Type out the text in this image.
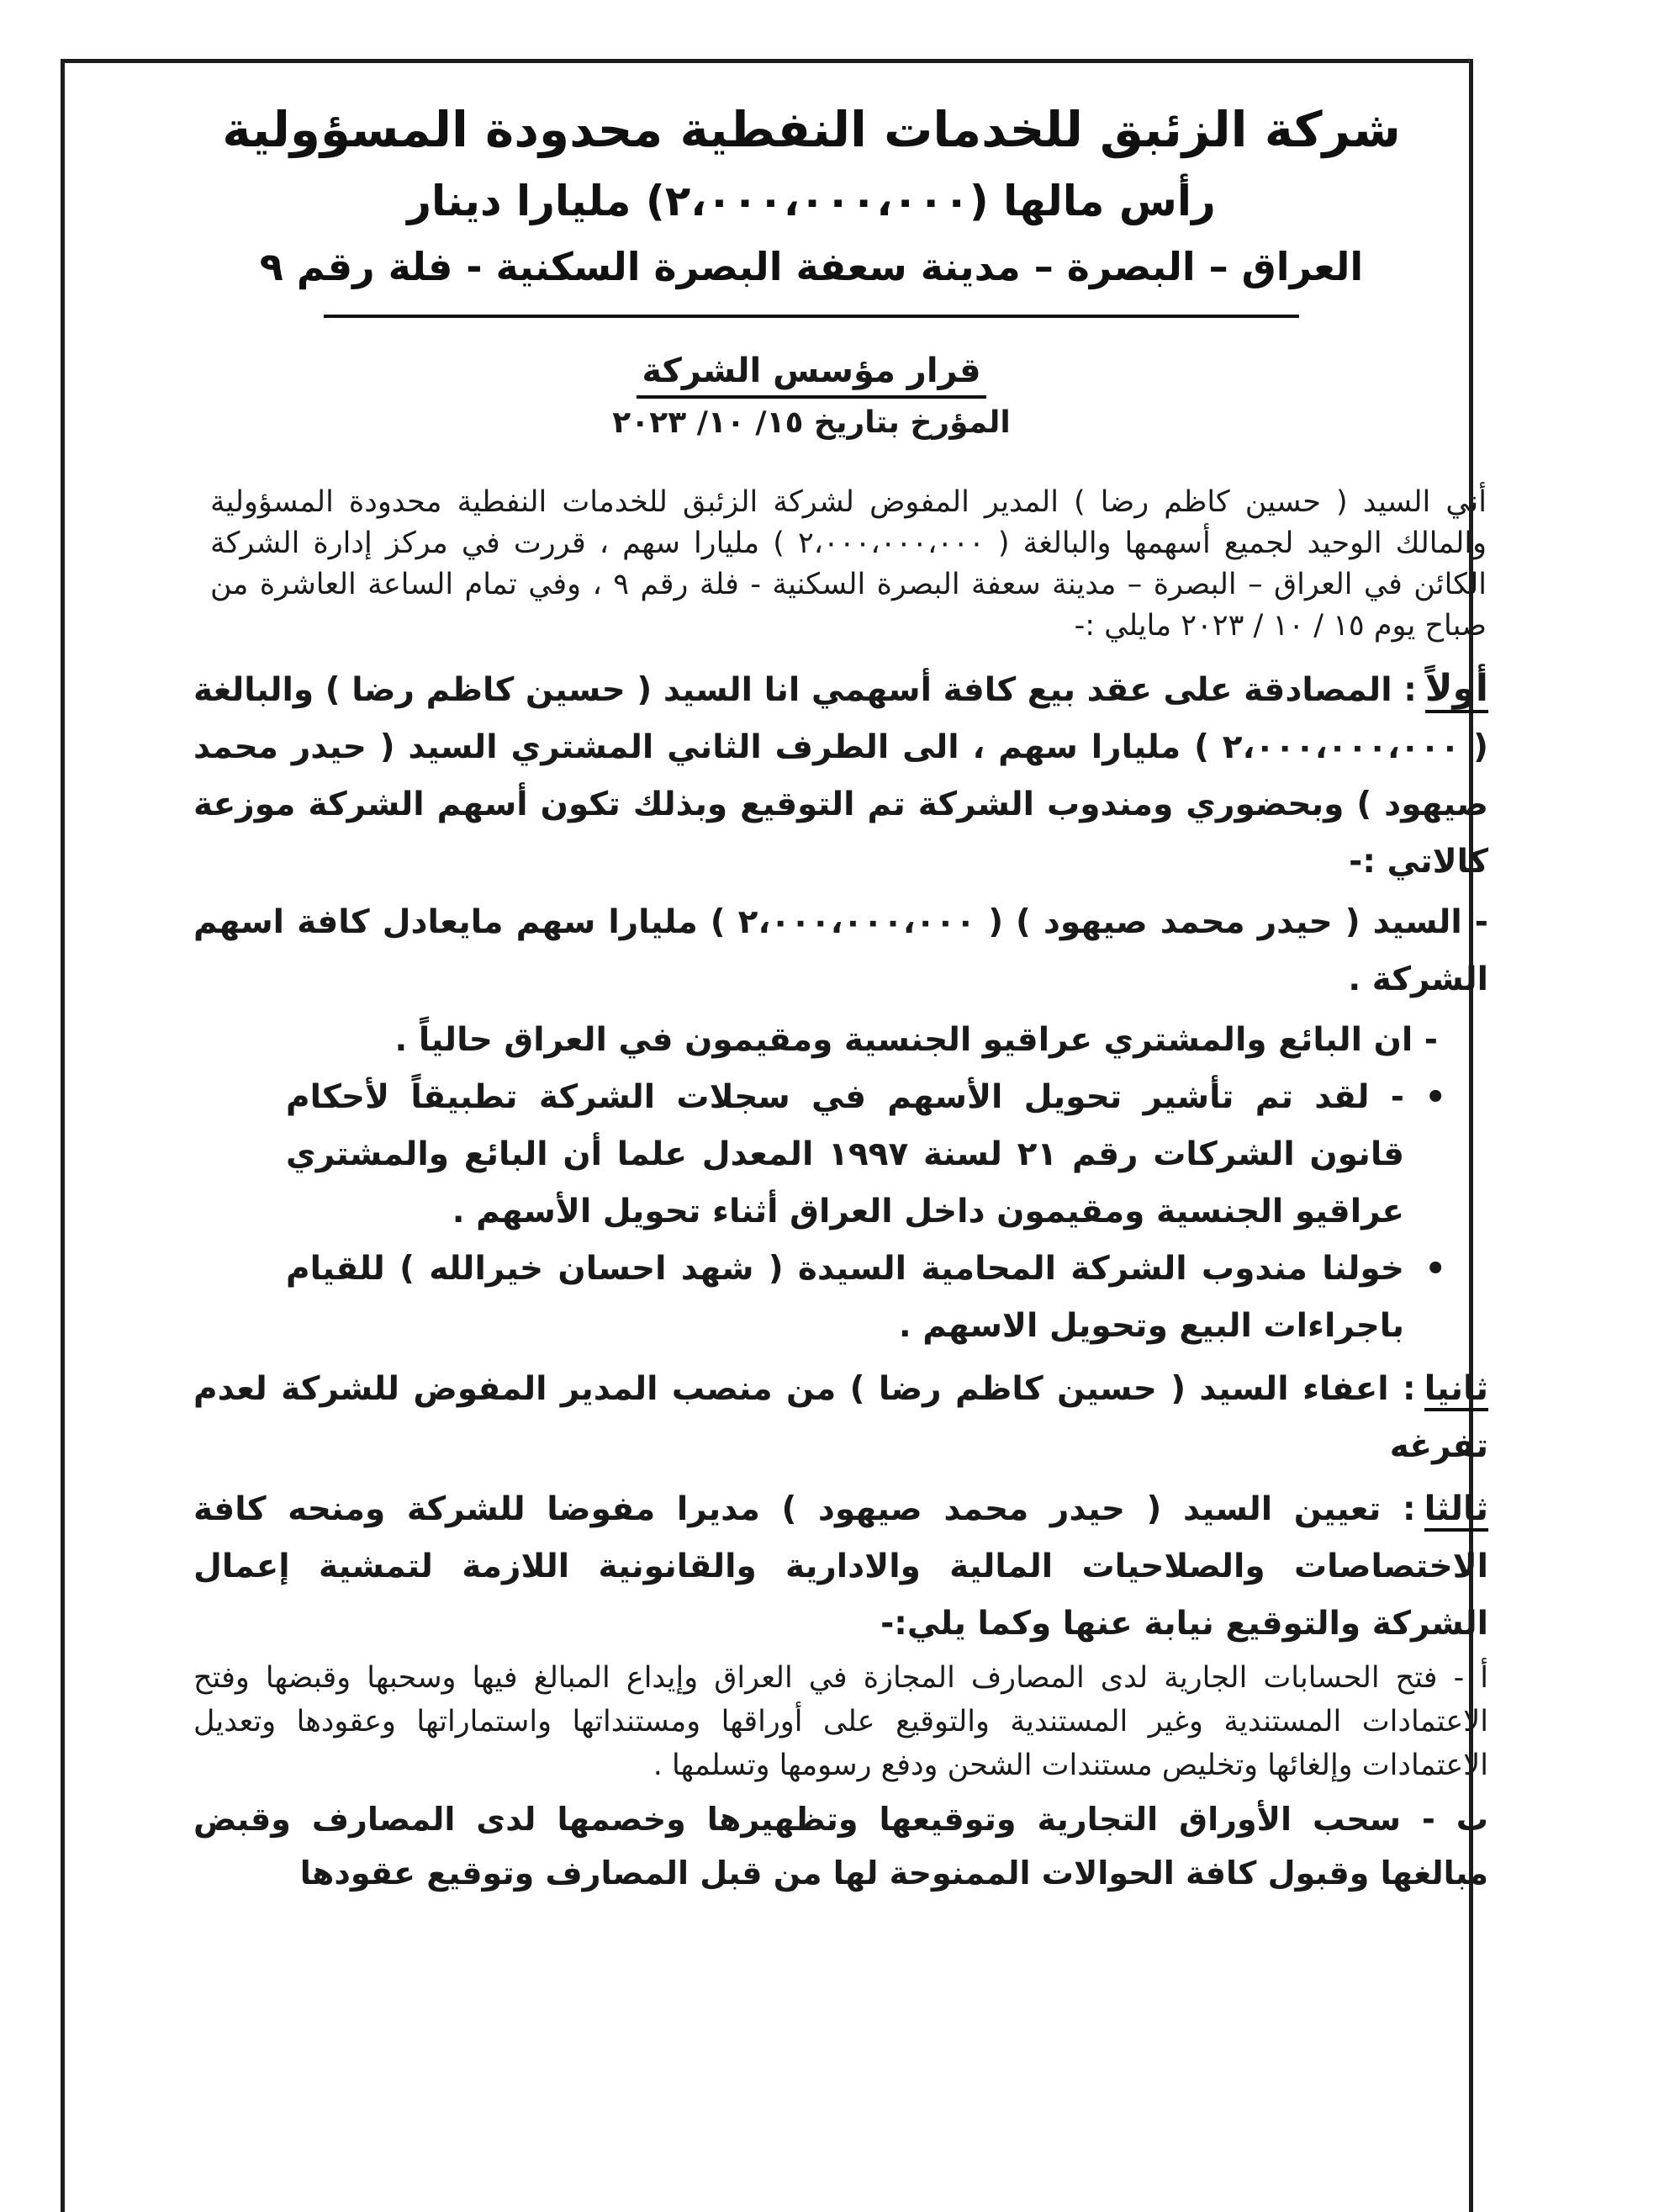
'
شركة الزئبق للخدمات النفطية محدودة المسؤولية
رأس مالها (٢،٠٠٠،٠٠٠،٠٠٠) مليارا دينار
العراق – البصرة – مدينة سعفة البصرة السكنية - فلة رقم ٩
قرار مؤسس الشركة
المؤرخ بتاريخ ١٥/ ١٠/ ٢٠٢٣

أني السيد ( حسين كاظم رضا ) المدير المفوض لشركة الزئبق للخدمات النفطية محدودة المسؤولية والمالك الوحيد لجميع أسهمها والبالغة ( ٢،٠٠٠،٠٠٠،٠٠٠ ) مليارا سهم ، قررت في مركز إدارة الشركة الكائن في العراق – البصرة – مدينة سعفة البصرة السكنية - فلة رقم ٩ ، وفي تمام الساعة العاشرة من صباح يوم ١٥ / ١٠ / ٢٠٢٣ مايلي :-

أولاً: المصادقة على عقد بيع كافة أسهمي انا السيد ( حسين كاظم رضا ) والبالغة ( ٢،٠٠٠،٠٠٠،٠٠٠ ) مليارا سهم ، الى الطرف الثاني المشتري السيد ( حيدر محمد صيهود ) وبحضوري ومندوب الشركة تم التوقيع وبذلك تكون أسهم الشركة موزعة كالاتي :-

- السيد ( حيدر محمد صيهود ) ( ٢،٠٠٠،٠٠٠،٠٠٠ ) مليارا سهم مايعادل كافة اسهم الشركة .

- ان البائع والمشتري عراقيو الجنسية ومقيمون في العراق حالياً .

• - لقد تم تأشير تحويل الأسهم في سجلات الشركة تطبيقاً لأحكام قانون الشركات رقم ٢١ لسنة ١٩٩٧ المعدل علما أن البائع والمشتري عراقيو الجنسية ومقيمون داخل العراق أثناء تحويل الأسهم .
• خولنا مندوب الشركة المحامية السيدة ( شهد احسان خيرالله ) للقيام باجراءات البيع وتحويل الاسهم .

ثانيا: اعفاء السيد ( حسين كاظم رضا ) من منصب المدير المفوض للشركة لعدم تفرغه

ثالثا: تعيين السيد ( حيدر محمد صيهود ) مديرا مفوضا للشركة ومنحه كافة الاختصاصات والصلاحيات المالية والادارية والقانونية اللازمة لتمشية إعمال الشركة والتوقيع نيابة عنها وكما يلي:-

أ - فتح الحسابات الجارية لدى المصارف المجازة في العراق وإيداع المبالغ فيها وسحبها وقبضها وفتح الاعتمادات المستندية وغير المستندية والتوقيع على أوراقها ومستنداتها واستماراتها وعقودها وتعديل الاعتمادات وإلغائها وتخليص مستندات الشحن ودفع رسومها وتسلمها .

ب - سحب الأوراق التجارية وتوقيعها وتظهيرها وخصمها لدى المصارف وقبض مبالغها وقبول كافة الحوالات الممنوحة لها من قبل المصارف وتوقيع عقودها
